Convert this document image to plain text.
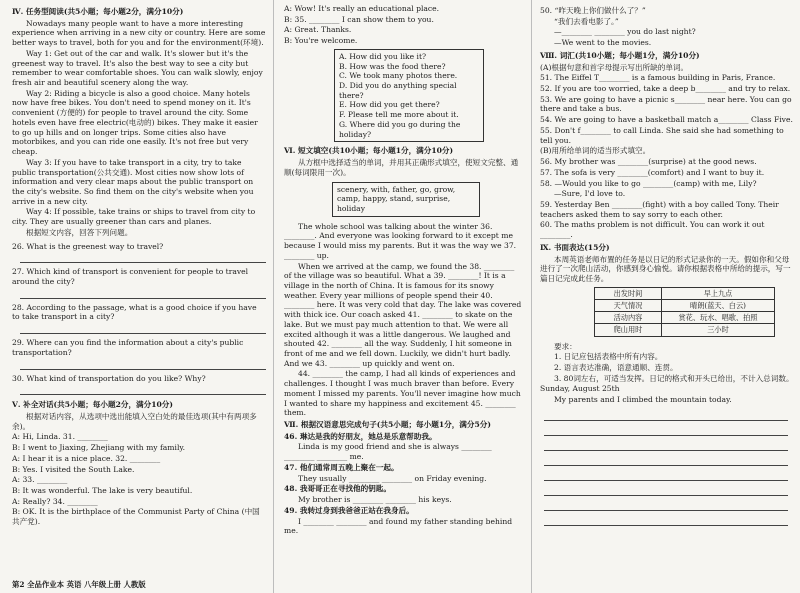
Ⅳ. 任务型阅读(共5小题；每小题2分，满分10分)

Nowadays many people want to have a more interesting experience when arriving in a new city or country. Here are some better ways to travel, both for you and for the environment(环境).

Way 1: Get out of the car and walk. It's slower but it's the greenest way to travel. It's also the best way to see a city but remember to wear comfortable shoes. You can walk slowly, enjoy fresh air and beautiful scenery along the way.

Way 2: Riding a bicycle is also a good choice. Many hotels now have free bikes. You don't need to spend money on it. It's convenient (方便的) for people to travel around the city. Some hotels even have free electric(电动的) bikes. They make it easier to go up hills and on longer trips. Some cities also have motorbikes, and you can ride one easily. It's not free but very cheap.

Way 3: If you have to take transport in a city, try to take public transportation(公共交通). Most cities now show lots of information and very clear maps about the public transport on the city's website. So find them on the city's website when you arrive in a new city.

Way 4: If possible, take trains or ships to travel from city to city. They are usually greener than cars and planes.

根据短文内容，回答下列问题。

26. What is the greenest way to travel?

27. Which kind of transport is convenient for people to travel around the city?

28. According to the passage, what is a good choice if you have to take transport in a city?

29. Where can you find the information about a city's public transportation?

30. What kind of transportation do you like? Why?

Ⅴ. 补全对话(共5小题；每小题2分，满分10分)

根据对话内容，从选项中选出能填入空白处的最佳选项(其中有两项多余)。

A: Hi, Linda. 31. ________

B: I went to Jiaxing, Zhejiang with my family.

A: I hear it is a nice place. 32. ________

B: Yes. I visited the South Lake.

A: 33. ________

B: It was wonderful. The lake is very beautiful.

A: Really? 34. ________

B: OK. It is the birthplace of the Communist Party of China (中国共产党).

第2 全品作业本 英语 八年级上册 人教版

A: Wow! It's really an educational place.

B: 35. ________ I can show them to you.

A: Great. Thanks.

B: You're welcome.

A. How did you like it?
B. How was the food there?
C. We took many photos there.
D. Did you do anything special there?
E. How did you get there?
F. Please tell me more about it.
G. Where did you go during the holiday?
Ⅵ. 短文填空(共10小题；每小题1分，满分10分)

从方框中选择适当的单词，并用其正确形式填空，使短文完整、通顺(每词限用一次)。

scenery, with, father, go, grow, camp, happy, stand, surprise, holiday

The whole school was talking about the winter 36. ________. And everyone was looking forward to it except me because I would miss my parents. But it was the way we 37. ________ up.

When we arrived at the camp, we found the 38. ________ of the village was so beautiful. What a 39. ________! It is a village in the north of China. It is famous for its snowy weather. Every year millions of people spend their 40. ________ here. It was very cold that day. The lake was covered with thick ice. Our coach asked 41. ________ to skate on the lake. But we must pay much attention to that. We were all excited although it was a little dangerous. We laughed and shouted 42. ________ all the way. Suddenly, I hit someone in front of me and we fell down. Luckily, we didn't hurt badly. And we 43. ________ up quickly and went on.

44. ________ the camp, I had all kinds of experiences and challenges. I thought I was much braver than before. Every moment I missed my parents. You'll never imagine how much I wanted to share my happiness and excitement 45. ________ them.

Ⅶ. 根据汉语意思完成句子(共5小题；每小题1分，满分5分)

46. 琳达是我的好朋友，她总是乐意帮助我。

Linda is my good friend and she is always ________ ________ ________ me.

47. 他们通常周五晚上聚在一起。

They usually ________ ________ on Friday evening.

48. 我哥哥正在寻找他的钥匙。

My brother is ________ ________ his keys.

49. 我转过身到我爸爸正站在我身后。

I ________ ________ and found my father standing behind me.

50. “昨天晚上你们做什么了？”

“我们去看电影了。”

—________ ________ you do last night?

—We went to the movies.

Ⅷ. 词汇(共10小题；每小题1分，满分10分)

(A)根据句意和首字母提示写出所缺的单词。

51. The Eiffel T________ is a famous building in Paris, France.

52. If you are too worried, take a deep b________ and try to relax.

53. We are going to have a picnic s________ near here. You can go there and take a bus.

54. We are going to have a basketball match a________ Class Five.

55. Don't f________ to call Linda. She said she had something to tell you.

(B)用所给单词的适当形式填空。

56. My brother was ________(surprise) at the good news.

57. The sofa is very ________(comfort) and I want to buy it.

58. —Would you like to go ________(camp) with me, Lily?

—Sure, I'd love to.

59. Yesterday Ben ________(fight) with a boy called Tony. Their teachers asked them to say sorry to each other.

60. The maths problem is not difficult. You can work it out ________.

Ⅸ. 书面表达(15分)

本周英语老师布置的任务是以日记的形式记录你的一天。假如你和父母进行了一次爬山活动，你感到身心愉悦。请你根据表格中所给的提示，写一篇日记完成此任务。

出发时间	早上九点
天气情况	晴朗(蓝天、白云)
活动内容	赏花、玩水、唱歌、拍照
爬山用时	三小时

要求：

1. 日记应包括表格中所有内容。

2. 语言表达准确，语意通顺、连贯。

3. 80词左右，可适当发挥。日记的格式和开头已给出，不计入总词数。

Sunday, August 25th

My parents and I climbed the mountain today.
